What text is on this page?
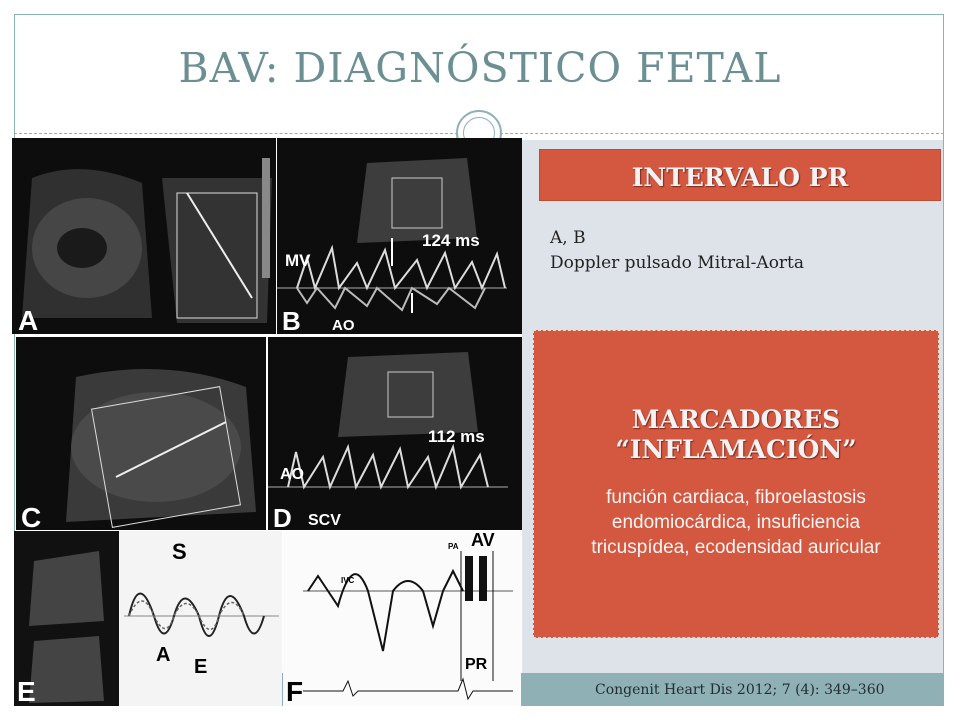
BAV: DIAGNÓSTICO FETAL
Congenit Heart Dis 2012; 7 (4): 349–360
A
MV
AO
124 ms
B
C
AO
SCV
112 ms
D
S
A
E
E
AV
PR
IVC
PA
F
INTERVALO PR
A, B
Doppler pulsado Mitral-Aorta
MARCADORES
“INFLAMACIÓN”
función cardiaca, fibroelastosis
endomiocárdica, insuficiencia
tricuspídea, ecodensidad auricular
